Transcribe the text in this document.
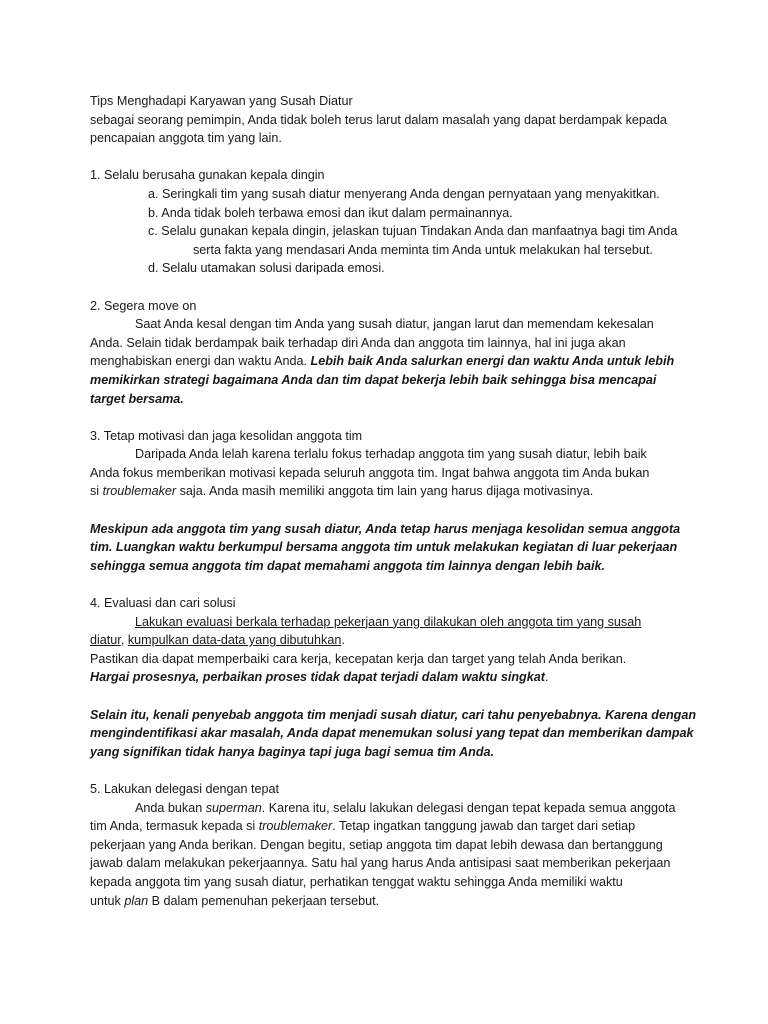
Tips Menghadapi Karyawan yang Susah Diatur
sebagai seorang pemimpin, Anda tidak boleh terus larut dalam masalah yang dapat berdampak kepada
pencapaian anggota tim yang lain.
1. Selalu berusaha gunakan kepala dingin
a. Seringkali tim yang susah diatur menyerang Anda dengan pernyataan yang menyakitkan.
b. Anda tidak boleh terbawa emosi dan ikut dalam permainannya.
c. Selalu gunakan kepala dingin, jelaskan tujuan Tindakan Anda dan manfaatnya bagi tim Anda
serta fakta yang mendasari Anda meminta tim Anda untuk melakukan hal tersebut.
d. Selalu utamakan solusi daripada emosi.
2. Segera move on
Saat Anda kesal dengan tim Anda yang susah diatur, jangan larut dan memendam kekesalan
Anda. Selain tidak berdampak baik terhadap diri Anda dan anggota tim lainnya, hal ini juga akan
menghabiskan energi dan waktu Anda. Lebih baik Anda salurkan energi dan waktu Anda untuk lebih
memikirkan strategi bagaimana Anda dan tim dapat bekerja lebih baik sehingga bisa mencapai
target bersama.
3. Tetap motivasi dan jaga kesolidan anggota tim
Daripada Anda lelah karena terlalu fokus terhadap anggota tim yang susah diatur, lebih baik
Anda fokus memberikan motivasi kepada seluruh anggota tim. Ingat bahwa anggota tim Anda bukan
si troublemaker saja. Anda masih memiliki anggota tim lain yang harus dijaga motivasinya.
Meskipun ada anggota tim yang susah diatur, Anda tetap harus menjaga kesolidan semua anggota
tim. Luangkan waktu berkumpul bersama anggota tim untuk melakukan kegiatan di luar pekerjaan
sehingga semua anggota tim dapat memahami anggota tim lainnya dengan lebih baik.
4. Evaluasi dan cari solusi
Lakukan evaluasi berkala terhadap pekerjaan yang dilakukan oleh anggota tim yang susah
diatur, kumpulkan data-data yang dibutuhkan.
Pastikan dia dapat memperbaiki cara kerja, kecepatan kerja dan target yang telah Anda berikan.
Hargai prosesnya, perbaikan proses tidak dapat terjadi dalam waktu singkat.
Selain itu, kenali penyebab anggota tim menjadi susah diatur, cari tahu penyebabnya. Karena dengan
mengindentifikasi akar masalah, Anda dapat menemukan solusi yang tepat dan memberikan dampak
yang signifikan tidak hanya baginya tapi juga bagi semua tim Anda.
5. Lakukan delegasi dengan tepat
Anda bukan superman. Karena itu, selalu lakukan delegasi dengan tepat kepada semua anggota
tim Anda, termasuk kepada si troublemaker. Tetap ingatkan tanggung jawab dan target dari setiap
pekerjaan yang Anda berikan. Dengan begitu, setiap anggota tim dapat lebih dewasa dan bertanggung
jawab dalam melakukan pekerjaannya. Satu hal yang harus Anda antisipasi saat memberikan pekerjaan
kepada anggota tim yang susah diatur, perhatikan tenggat waktu sehingga Anda memiliki waktu
untuk plan B dalam pemenuhan pekerjaan tersebut.
